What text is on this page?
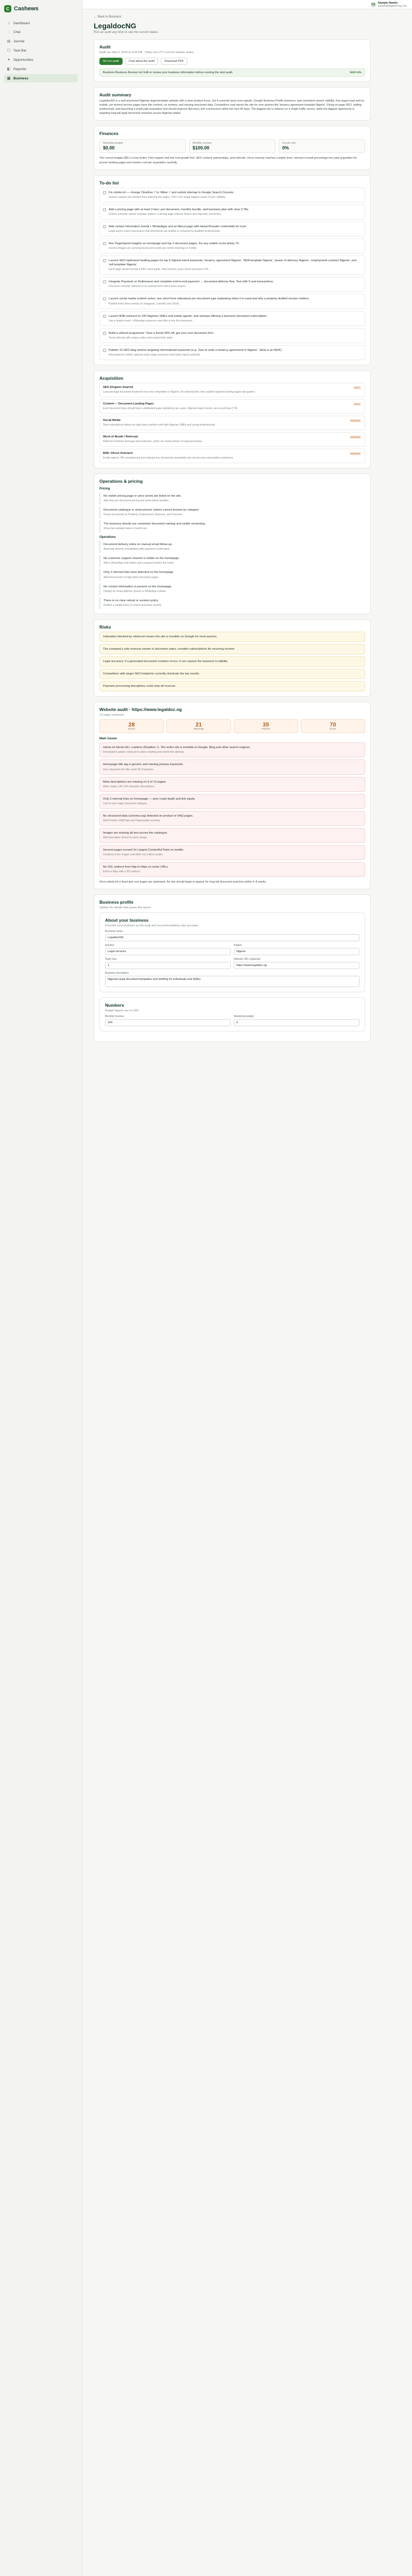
C Cashews
⌂ Dashboard
◌ Chat
▤ Journal
☐ Task Bar
✦ Opportunities
◧ Reporter
▣ Business
SN Sample Nweke
sample@legaldocng.com
← Back to Business
LegaldocNG
Run an audit any time to see the current status.
Audit
Audit ran May 5, 2026 at 3:04 PM · Dates are UTC Current website status.
Re-run audit	Chat about the audit	Download PDF
Business Business Review Ins! Edit or review your business information before running the next audit.	Edit info
Audit summary

LegaldocNG is a well-structured Nigerian legal-template website with a clear product focus, but it currently lacks trust signals, Google Business Profile presence, and consistent search visibility. Key pages load well on mobile, yet several service pages have thin content, no reviews, and missing structured data. Competitors rank above the site for core queries like 'tenancy agreement template Nigeria'. Fixing on-page SEO, adding testimonials, and launching a small paid acquisition test should improve discovery and conversions within the next 90 days. The biggest risk is reliance on a single traffic source, while the biggest opportunity is targeting long-tail legal document searches across Nigerian states.

Finances
Marketing budget
$0.00
Monthly revenue
$100.00
Growth rate
0%

The current budget ($0) is a key limiter. Plan organic and low-cost growth first: SEO content, partnerships, and referrals. Once revenue reaches a stable level, reinvest a small percentage into paid acquisition for proven landing pages and monitor cost per acquisition carefully.

To-do list
Fix robots.txt — change 'Disallow: /' to 'Allow: /' and submit sitemap to Google Search Console.
Search crawlers are blocked from indexing key pages. This is the single biggest cause of poor visibility.
Add a pricing page with at least 3 tiers: per-document, monthly bundle, and business plan with clear CTAs.
Visitors currently cannot compare options; a pricing page reduces friction and improves conversion.
Add contact information (email + WhatsApp) and an About page with lawyer/founder credentials for trust.
Legal buyers need reassurance that documents are drafted or reviewed by qualified professionals.
Run PageSpeed Insights on homepage and top 3 document pages. Fix any mobile score below 70.
Several images are uncompressed and scripts are render-blocking on mobile.
Launch SEO-optimised landing pages for top 5 highest intent keywords: 'tenancy agreement Nigeria', 'NDA template Nigeria', 'power of attorney Nigeria', 'employment contract Nigeria', and 'will template Nigeria'.
Each page should include a 600+ word guide, FAQ schema, and a direct purchase CTA.
Integrate Paystack or Flutterwave and complete end-to-end payment → document-delivery flow. Test with 5 real transactions.
Checkout currently redirects to an external form which loses buyers.
Launch social media content series: one short-form video/post per document type explaining when it is used and why a properly drafted version matters.
Publish three times weekly on Instagram, LinkedIn and TikTok.
Launch B2B outreach to 100 Nigerian SMEs and estate agents, and startups offering a business document subscription.
Use a simple email + WhatsApp sequence and offer a free first document.
Build a referral programme: 'Give a friend 20% off, get your next document free'.
Track referrals with unique codes and reward both sides.
Publish 10 SEO blog articles targeting informational keywords (e.g. 'how to write a tenancy agreement in Nigeria', 'what is an NDA').
Informational content captures early-stage searchers and builds topical authority.
Acquisition
SEO (Organic Search)	HIGH
Long-tail legal document keywords have low competition in Nigeria. Fix indexing first, then publish targeted landing pages and guides.
Content — Document Landing Pages	HIGH
Each document type should have a dedicated page explaining use cases, Nigerian legal context, and a purchase CTA.
Social Media	MEDIUM
Short educational videos on legal topics perform well with Nigerian SMEs and young professionals.
Word of Mouth / Referrals	MEDIUM
Referral incentives leverage trust networks, which are strong drivers of legal purchases.
B2B / Direct Outreach	MEDIUM
Estate agents, HR consultancies and startups buy documents repeatedly and can become subscription customers.
Operations & pricing
Pricing
No visible pricing page or price points are listed on the site.
Add clear per-document pricing and subscription bundles.
Document catalogue is unstructured; visitors cannot browse by category.
Group documents by Property, Employment, Business, and Personal.
The business should use consistent document naming and visible versioning.
Show last-updated dates to build trust.
Operations
Document delivery relies on manual email follow-up.
Automate delivery immediately after payment confirmation.
No customer support channel is visible on the homepage.
Add a WhatsApp chat button and a support email in the footer.
Only 2 internal links were detected on the homepage.
Add internal links to high-intent document pages.
No contact information is present on the homepage.
Display an email address, phone or WhatsApp number.
There is no clear refund or revision policy.
Publish a simple policy to reduce purchase anxiety.
Risks
Indexation blocked by robots.txt means the site is invisible on Google for most queries.
The company's sole revenue stream is document sales; consider subscriptions for recurring income.
Legal accuracy: if a generated document contains errors, it can expose the business to liability.
Competitors with larger SEO footprints currently dominate the top results.
Payment processing disruptions could stop all revenue.
Website audit · https://www.legaldoc.ng
13 pages analysed
28
Errors
21
Warnings
35
Notices
70
Score
Main issues
robots.txt blocks ALL crawlers (Disallow: /). The entire site is invisible to Google, Bing and other search engines.
Immediately update robots.txt to allow crawling and submit the sitemap.
Homepage title tag is generic and missing primary keywords.
Use a keyword-rich title under 60 characters.
Meta descriptions are missing on 9 of 13 pages.
Write unique 140–160 character descriptions.
Only 2 internal links on homepage — poor crawl depth and link equity.
Link to each major document category.
No structured data (schema.org) detected on product or FAQ pages.
Add Product, FAQPage and Organization schema.
Images are missing alt text across the catalogue.
Add descriptive alt text to every image.
Several pages exceed 3s Largest Contentful Paint on mobile.
Compress hero images and defer non-critical scripts.
No SSL redirect from http to https on some URLs.
Enforce https with a 301 redirect.

Once robots.txt is fixed and core pages are optimised, the site should begin to appear for long-tail document searches within 4–8 weeks.

Business profile
Update the details that power this report.
About your business
Describe your business so the audit and recommendations stay accurate.
Business name
LegaldocNG
Industry
Legal services
Region
Nigeria
Team size
1
Website URL (optional)
https://www.legaldoc.ng
Business description
Nigerian legal document templates and drafting for individuals and SMEs.
Numbers
Budget figures are in USD
Monthly revenue
100
Marketing budget
0
